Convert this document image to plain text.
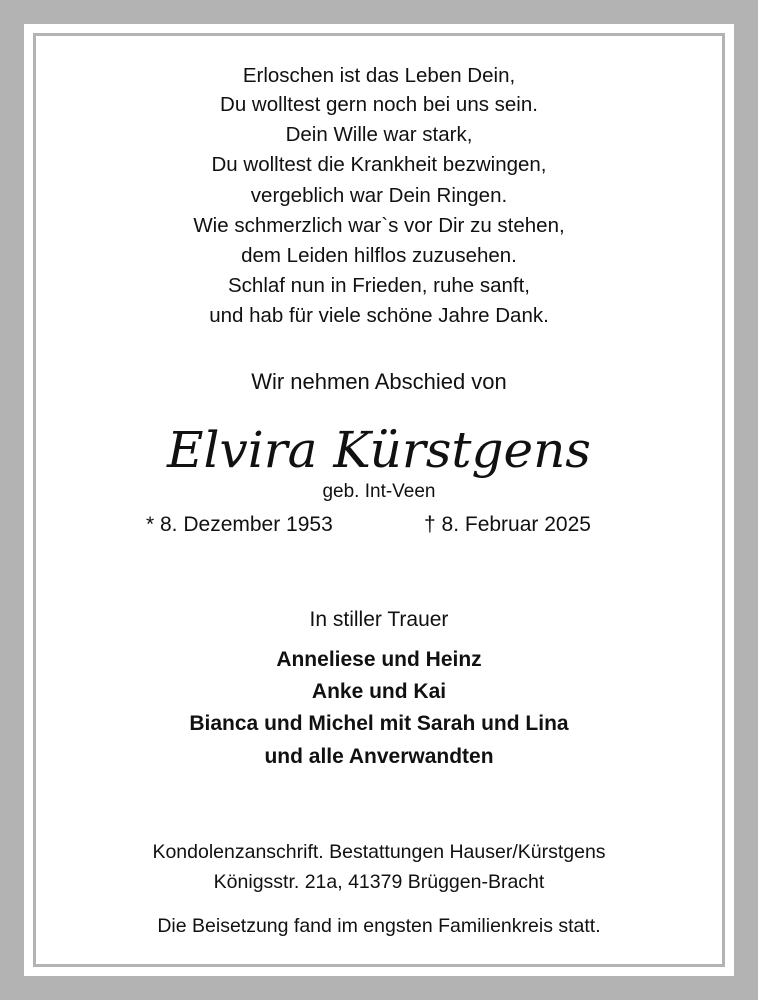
Erloschen ist das Leben Dein,
Du wolltest gern noch bei uns sein.
Dein Wille war stark,
Du wolltest die Krankheit bezwingen,
vergeblich war Dein Ringen.
Wie schmerzlich war`s vor Dir zu stehen,
dem Leiden hilflos zuzusehen.
Schlaf nun in Frieden, ruhe sanft,
und hab für viele schöne Jahre Dank.
Wir nehmen Abschied von
Elvira Kürstgens
geb. Int-Veen
* 8. Dezember 1953	† 8. Februar 2025
In stiller Trauer
Anneliese und Heinz
Anke und Kai
Bianca und Michel mit Sarah und Lina
und alle Anverwandten
Kondolenzanschrift. Bestattungen Hauser/Kürstgens
Königsstr. 21a, 41379 Brüggen-Bracht
Die Beisetzung fand im engsten Familienkreis statt.
